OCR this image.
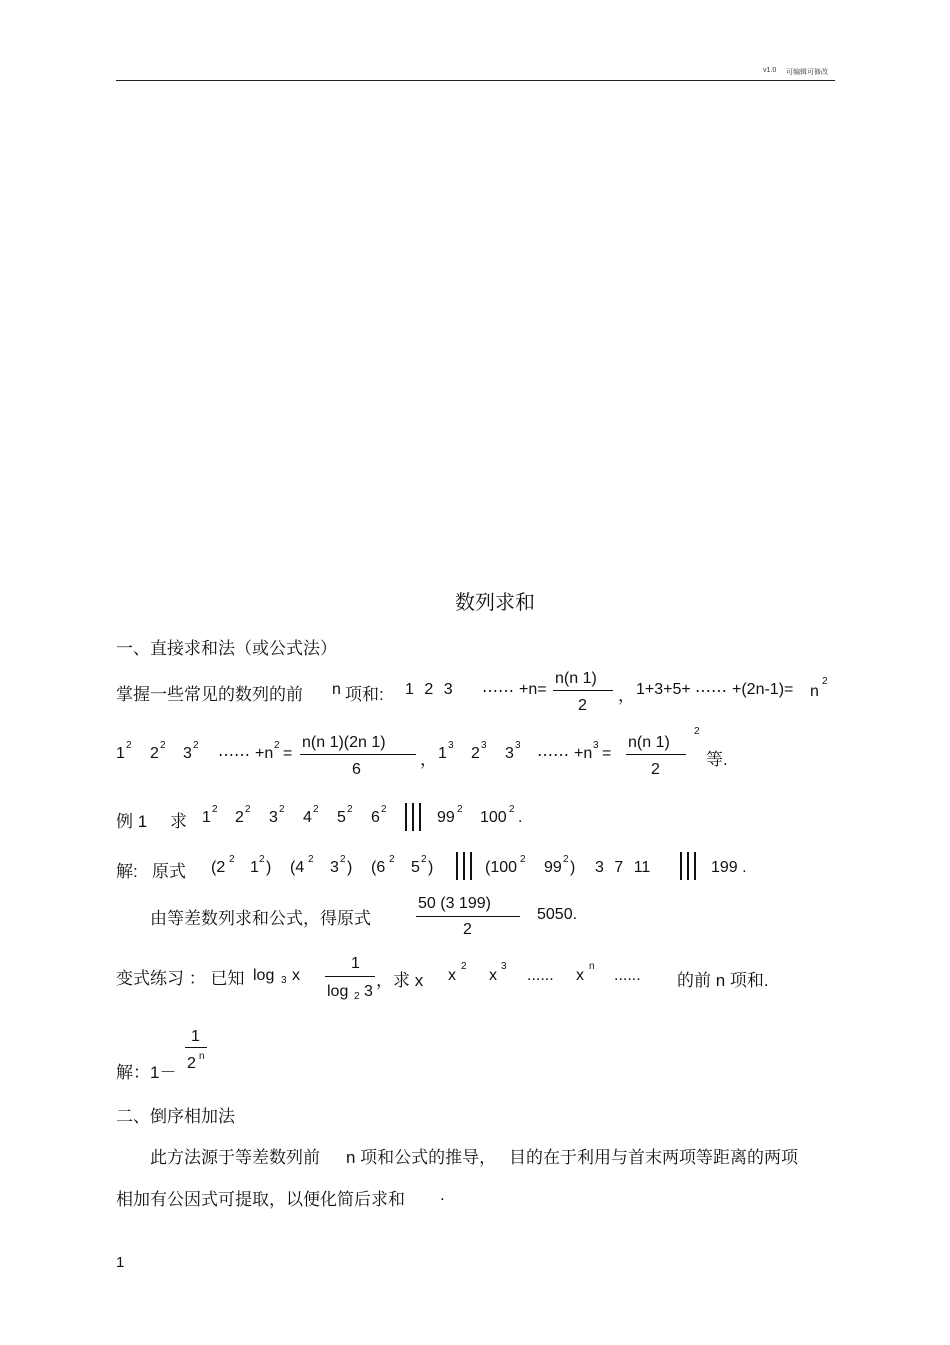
v1.0 可编辑可修改
数列求和
一、直接求和法（或公式法）
掌握一些常见的数列的前 n 项和: 1 2 3 ⋯⋯ +n=
n(n 1)
2
， 1+3+5+ ⋯⋯ +(2n-1)= n
2
1 2 2 2 3 2
⋯⋯ +n 2 =
n(n 1)(2n 1)
6
， 1 3 2 3 3 3
⋯⋯ +n 3 =
n(n 1)
2
2
等.
例 1 求 1 2 2 2 3 2 4 2 5 2 6 2	99 2 100 2 .
解: 原式 (2 2 1 2 ) (4 2 3 2 ) (6 2 5 2 )	(100 2 99 2 ) 3 7 11	199 .
由等差数列求和公式，得原式
50 (3 199)
2
5050.
变式练习 ： 已知 log 3 x
1
log 2 3
，求 x x
2
x
3
...... x
n
...... 的前 n 项和.
1
2 n
解：1－
二、倒序相加法
此方法源于等差数列前 n 项和公式的推导， 目的在于利用与首末两项等距离的两项
相加有公因式可提取，以便化简后求和 .
1
